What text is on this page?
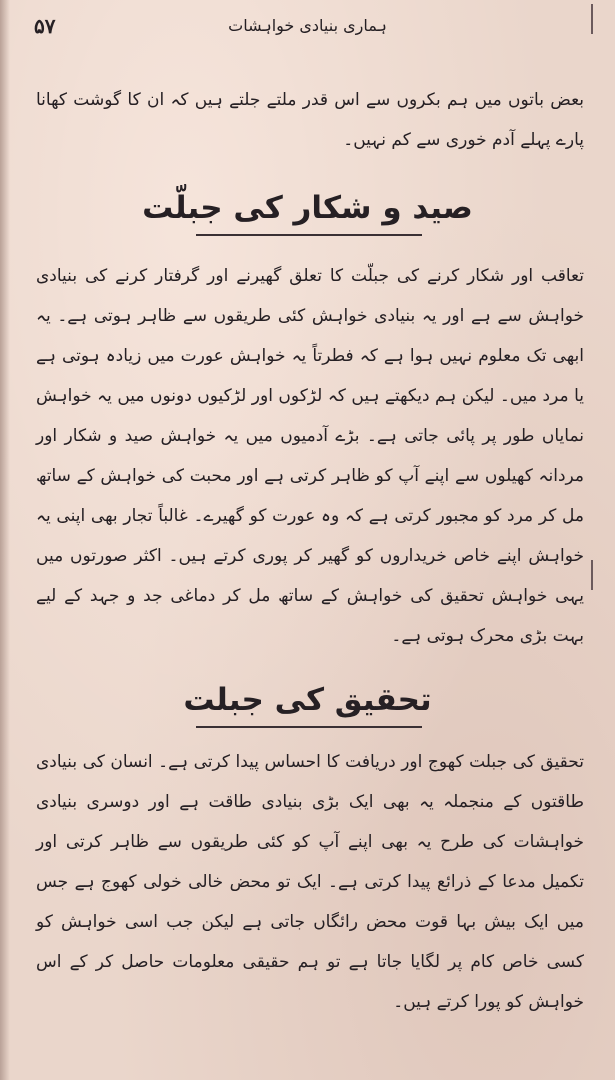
۵۷	ہماری بنیادی خواہشات
بعض باتوں میں ہم بکروں سے اس قدر ملتے جلتے ہیں کہ ان کا گوشت کھانا پارے پہلے آدم خوری سے کم نہیں۔
صید و شکار کی جبلّت
تعاقب اور شکار کرنے کی جبلّت کا تعلق گھیرنے اور گرفتار کرنے کی بنیادی خواہش سے ہے اور یہ بنیادی خواہش کئی طریقوں سے ظاہر ہوتی ہے۔ یہ ابھی تک معلوم نہیں ہوا ہے کہ فطرتاً یہ خواہش عورت میں زیادہ ہوتی ہے یا مرد میں۔ لیکن ہم دیکھتے ہیں کہ لڑکوں اور لڑکیوں دونوں میں یہ خواہش نمایاں طور پر پائی جاتی ہے۔ بڑے آدمیوں میں یہ خواہش صید و شکار اور مردانہ کھیلوں سے اپنے آپ کو ظاہر کرتی ہے اور محبت کی خواہش کے ساتھ مل کر مرد کو مجبور کرتی ہے کہ وہ عورت کو گھیرے۔ غالباً تجار بھی اپنی یہ خواہش اپنے خاص خریداروں کو گھیر کر پوری کرتے ہیں۔ اکثر صورتوں میں یہی خواہش تحقیق کی خواہش کے ساتھ مل کر دماغی جد و جہد کے لیے بہت بڑی محرک ہوتی ہے۔
تحقیق کی جبلت
تحقیق کی جبلت کھوج اور دریافت کا احساس پیدا کرتی ہے۔ انسان کی بنیادی طاقتوں کے منجملہ یہ بھی ایک بڑی بنیادی طاقت ہے اور دوسری بنیادی خواہشات کی طرح یہ بھی اپنے آپ کو کئی طریقوں سے ظاہر کرتی اور تکمیل مدعا کے ذرائع پیدا کرتی ہے۔ ایک تو محض خالی خولی کھوج ہے جس میں ایک بیش بہا قوت محض رائگاں جاتی ہے لیکن جب اسی خواہش کو کسی خاص کام پر لگایا جاتا ہے تو ہم حقیقی معلومات حاصل کر کے اس خواہش کو پورا کرتے ہیں۔
